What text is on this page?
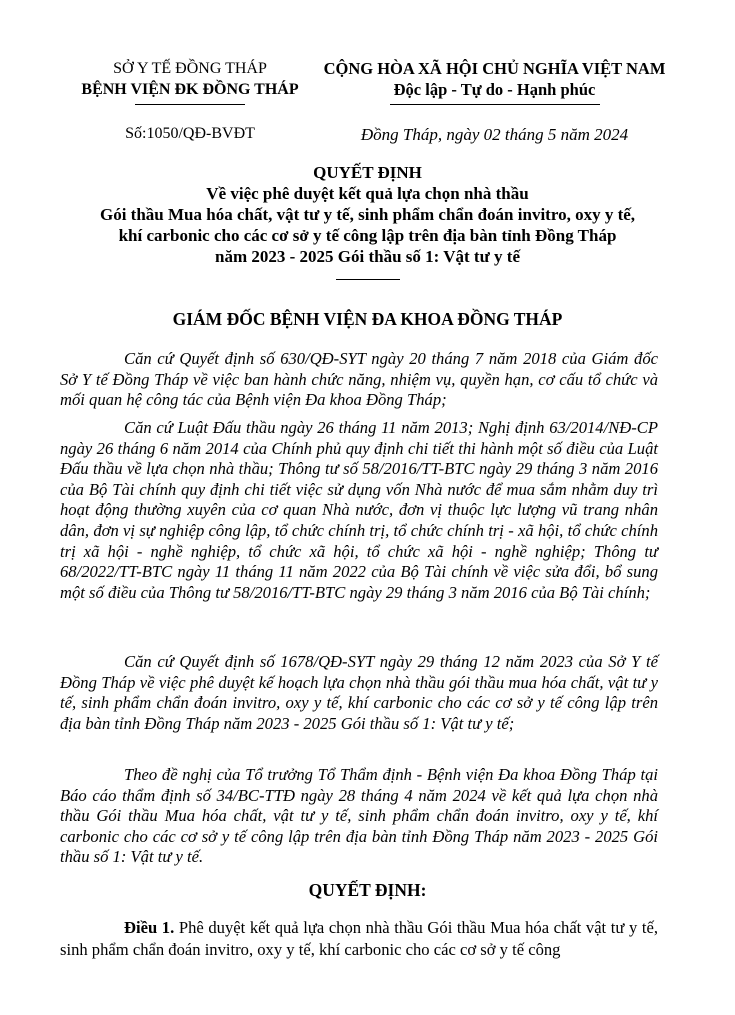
SỞ Y TẾ ĐỒNG THÁP
BỆNH VIỆN ĐK ĐỒNG THÁP
CỘNG HÒA XÃ HỘI CHỦ NGHĨA VIỆT NAM
Độc lập - Tự do - Hạnh phúc
Số:1050/QĐ-BVĐT	Đồng Tháp, ngày 02 tháng 5 năm 2024
QUYẾT ĐỊNH
Về việc phê duyệt kết quả lựa chọn nhà thầu
Gói thầu Mua hóa chất, vật tư y tế, sinh phẩm chẩn đoán invitro, oxy y tế,
khí carbonic cho các cơ sở y tế công lập trên địa bàn tỉnh Đồng Tháp
năm 2023 - 2025 Gói thầu số 1: Vật tư y tế
GIÁM ĐỐC BỆNH VIỆN ĐA KHOA ĐỒNG THÁP

Căn cứ Quyết định số 630/QĐ-SYT ngày 20 tháng 7 năm 2018 của Giám đốc Sở Y tế Đồng Tháp về việc ban hành chức năng, nhiệm vụ, quyền hạn, cơ cấu tổ chức và mối quan hệ công tác của Bệnh viện Đa khoa Đồng Tháp;

Căn cứ Luật Đấu thầu ngày 26 tháng 11 năm 2013; Nghị định 63/2014/NĐ-CP ngày 26 tháng 6 năm 2014 của Chính phủ quy định chi tiết thi hành một số điều của Luật Đấu thầu về lựa chọn nhà thầu; Thông tư số 58/2016/TT-BTC ngày 29 tháng 3 năm 2016 của Bộ Tài chính quy định chi tiết việc sử dụng vốn Nhà nước để mua sắm nhằm duy trì hoạt động thường xuyên của cơ quan Nhà nước, đơn vị thuộc lực lượng vũ trang nhân dân, đơn vị sự nghiệp công lập, tổ chức chính trị, tổ chức chính trị - xã hội, tổ chức chính trị xã hội - nghề nghiệp, tổ chức xã hội, tổ chức xã hội - nghề nghiệp; Thông tư 68/2022/TT-BTC ngày 11 tháng 11 năm 2022 của Bộ Tài chính về việc sửa đổi, bổ sung một số điều của Thông tư 58/2016/TT-BTC ngày 29 tháng 3 năm 2016 của Bộ Tài chính;

Căn cứ Quyết định số 1678/QĐ-SYT ngày 29 tháng 12 năm 2023 của Sở Y tế Đồng Tháp về việc phê duyệt kế hoạch lựa chọn nhà thầu gói thầu mua hóa chất, vật tư y tế, sinh phẩm chẩn đoán invitro, oxy y tế, khí carbonic cho các cơ sở y tế công lập trên địa bàn tỉnh Đồng Tháp năm 2023 - 2025 Gói thầu số 1: Vật tư y tế;

Theo đề nghị của Tổ trưởng Tổ Thẩm định - Bệnh viện Đa khoa Đồng Tháp tại Báo cáo thẩm định số 34/BC-TTĐ ngày 28 tháng 4 năm 2024 về kết quả lựa chọn nhà thầu Gói thầu Mua hóa chất, vật tư y tế, sinh phẩm chẩn đoán invitro, oxy y tế, khí carbonic cho các cơ sở y tế công lập trên địa bàn tỉnh Đồng Tháp năm 2023 - 2025 Gói thầu số 1: Vật tư y tế.

QUYẾT ĐỊNH:
Điều 1. Phê duyệt kết quả lựa chọn nhà thầu Gói thầu Mua hóa chất vật tư y tế, sinh phẩm chẩn đoán invitro, oxy y tế, khí carbonic cho các cơ sở y tế công
